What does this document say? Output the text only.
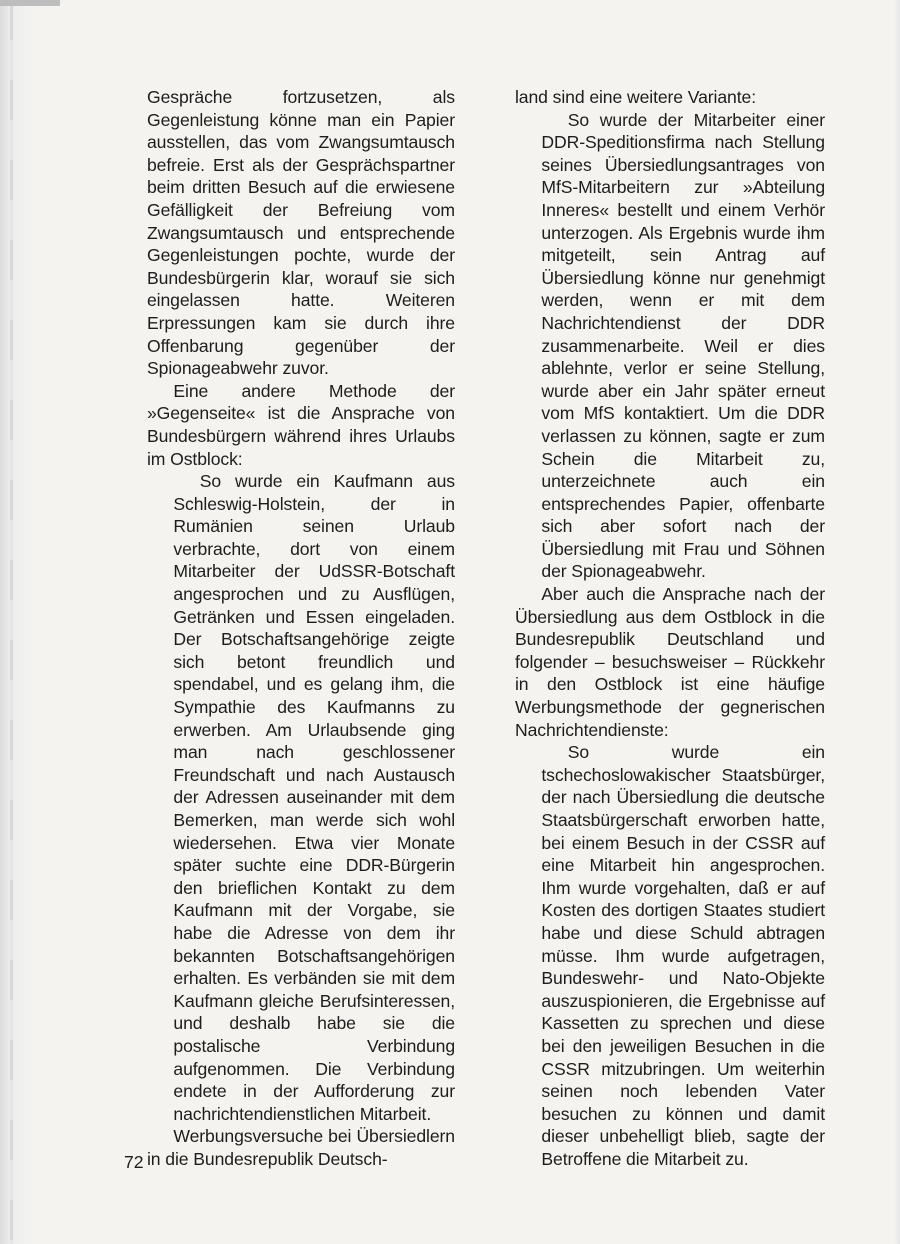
Gespräche fortzusetzen, als Gegenleistung könne man ein Papier ausstellen, das vom Zwangsumtausch befreie. Erst als der Gesprächspartner beim dritten Besuch auf die erwiesene Gefälligkeit der Befreiung vom Zwangsumtausch und entsprechende Gegenleistungen pochte, wurde der Bundesbürgerin klar, worauf sie sich eingelassen hatte. Weiteren Erpressungen kam sie durch ihre Offenbarung gegenüber der Spionageabwehr zuvor.

Eine andere Methode der »Gegenseite« ist die Ansprache von Bundesbürgern während ihres Urlaubs im Ostblock:

So wurde ein Kaufmann aus Schleswig-Holstein, der in Rumänien seinen Urlaub verbrachte, dort von einem Mitarbeiter der UdSSR-Botschaft angesprochen und zu Ausflügen, Getränken und Essen eingeladen. Der Botschaftsangehörige zeigte sich betont freundlich und spendabel, und es gelang ihm, die Sympathie des Kaufmanns zu erwerben. Am Urlaubsende ging man nach geschlossener Freundschaft und nach Austausch der Adressen auseinander mit dem Bemerken, man werde sich wohl wiedersehen. Etwa vier Monate später suchte eine DDR-Bürgerin den brieflichen Kontakt zu dem Kaufmann mit der Vorgabe, sie habe die Adresse von dem ihr bekannten Botschaftsangehörigen erhalten. Es verbänden sie mit dem Kaufmann gleiche Berufsinteressen, und deshalb habe sie die postalische Verbindung aufgenommen. Die Verbindung endete in der Aufforderung zur nachrichtendienstlichen Mitarbeit.

Werbungsversuche bei Übersiedlern in die Bundesrepublik Deutsch-

land sind eine weitere Variante:

So wurde der Mitarbeiter einer DDR-Speditionsfirma nach Stellung seines Übersiedlungsantrages von MfS-Mitarbeitern zur »Abteilung Inneres« bestellt und einem Verhör unterzogen. Als Ergebnis wurde ihm mitgeteilt, sein Antrag auf Übersiedlung könne nur genehmigt werden, wenn er mit dem Nachrichtendienst der DDR zusammenarbeite. Weil er dies ablehnte, verlor er seine Stellung, wurde aber ein Jahr später erneut vom MfS kontaktiert. Um die DDR verlassen zu können, sagte er zum Schein die Mitarbeit zu, unterzeichnete auch ein entsprechendes Papier, offenbarte sich aber sofort nach der Übersiedlung mit Frau und Söhnen der Spionageabwehr.

Aber auch die Ansprache nach der Übersiedlung aus dem Ostblock in die Bundesrepublik Deutschland und folgender – besuchsweiser – Rückkehr in den Ostblock ist eine häufige Werbungsmethode der gegnerischen Nachrichtendienste:

So wurde ein tschechoslowakischer Staatsbürger, der nach Übersiedlung die deutsche Staatsbürgerschaft erworben hatte, bei einem Besuch in der CSSR auf eine Mitarbeit hin angesprochen. Ihm wurde vorgehalten, daß er auf Kosten des dortigen Staates studiert habe und diese Schuld abtragen müsse. Ihm wurde aufgetragen, Bundeswehr- und Nato-Objekte auszuspionieren, die Ergebnisse auf Kassetten zu sprechen und diese bei den jeweiligen Besuchen in die CSSR mitzubringen. Um weiterhin seinen noch lebenden Vater besuchen zu können und damit dieser unbehelligt blieb, sagte der Betroffene die Mitarbeit zu.

72
